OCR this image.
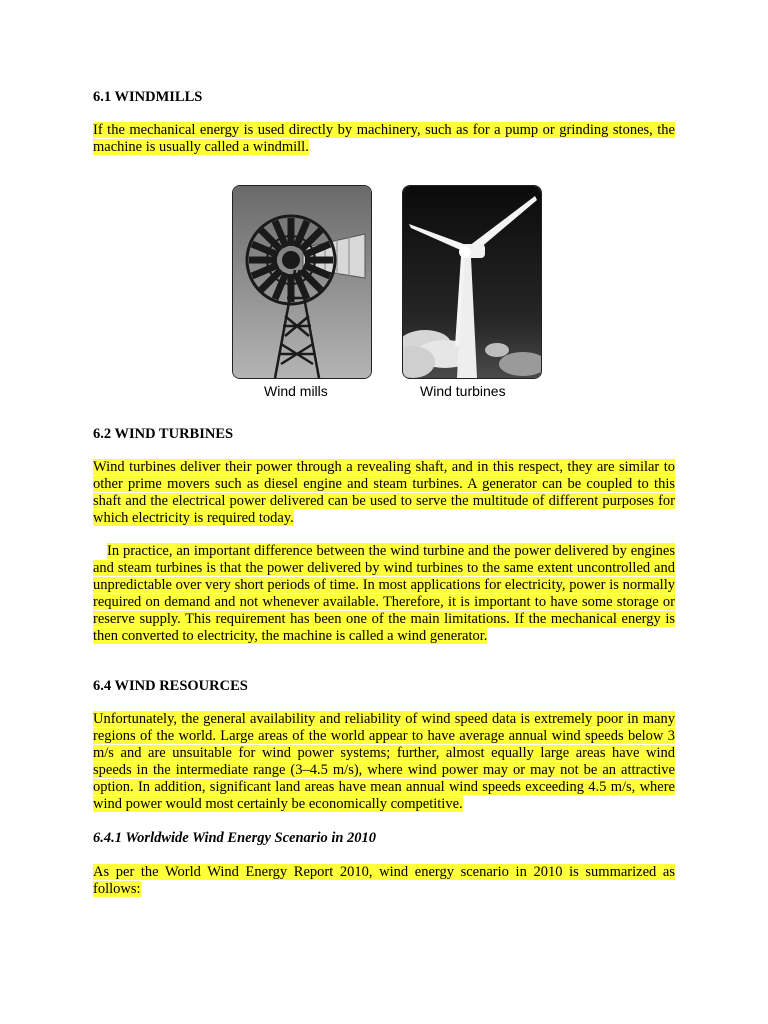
6.1 WINDMILLS

If the mechanical energy is used directly by machinery, such as for a pump or grinding stones, the machine is usually called a windmill.

Wind mills	Wind turbines
6.2 WIND TURBINES

Wind turbines deliver their power through a revealing shaft, and in this respect, they are similar to other prime movers such as diesel engine and steam turbines. A generator can be coupled to this shaft and the electrical power delivered can be used to serve the multitude of different purposes for which electricity is required today.

In practice, an important difference between the wind turbine and the power delivered by engines and steam turbines is that the power delivered by wind turbines to the same extent uncontrolled and unpredictable over very short periods of time. In most applications for electricity, power is normally required on demand and not whenever available. Therefore, it is important to have some storage or reserve supply. This requirement has been one of the main limitations. If the mechanical energy is then converted to electricity, the machine is called a wind generator.

6.4 WIND RESOURCES

Unfortunately, the general availability and reliability of wind speed data is extremely poor in many regions of the world. Large areas of the world appear to have average annual wind speeds below 3 m/s and are unsuitable for wind power systems; further, almost equally large areas have wind speeds in the intermediate range (3–4.5 m/s), where wind power may or may not be an attractive option. In addition, significant land areas have mean annual wind speeds exceeding 4.5 m/s, where wind power would most certainly be economically competitive.

6.4.1 Worldwide Wind Energy Scenario in 2010

As per the World Wind Energy Report 2010, wind energy scenario in 2010 is summarized as follows:
